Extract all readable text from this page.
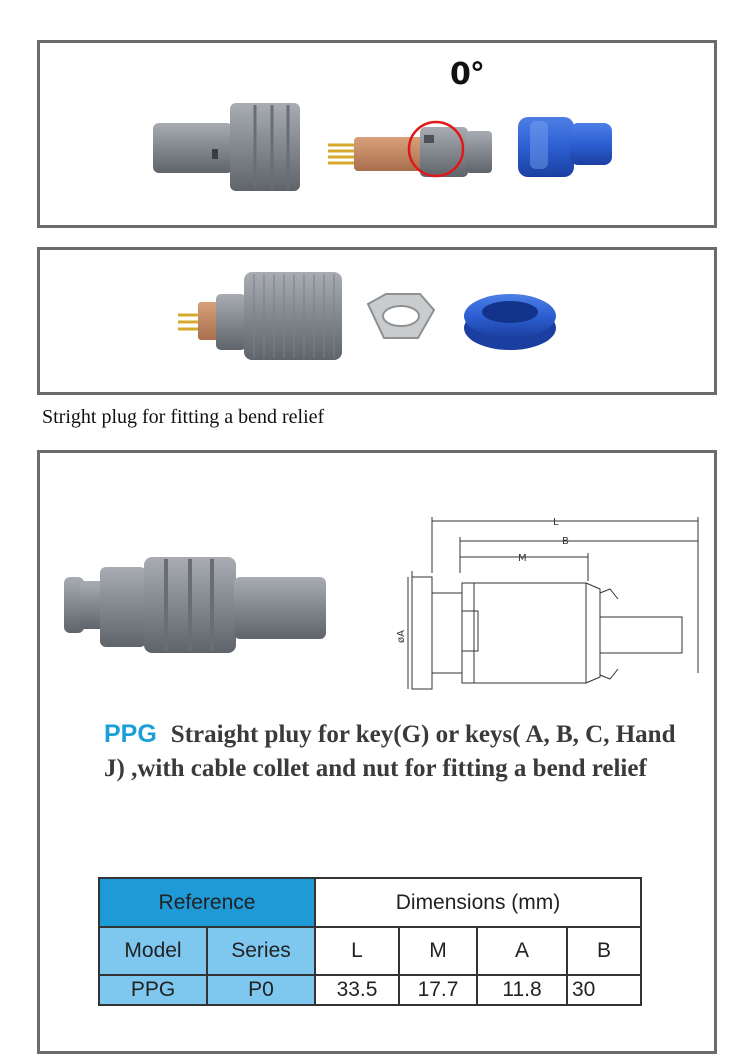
0°
Stright plug for fitting a bend relief
L
B
M
øA
PPG Straight pluy for key(G) or keys( A, B, C, Hand J) ,with cable collet and nut for fitting a bend relief
Reference		Dimensions (mm)			
Model	Series	L	M	A	B
PPG	P0	33.5	17.7	11.8	30
